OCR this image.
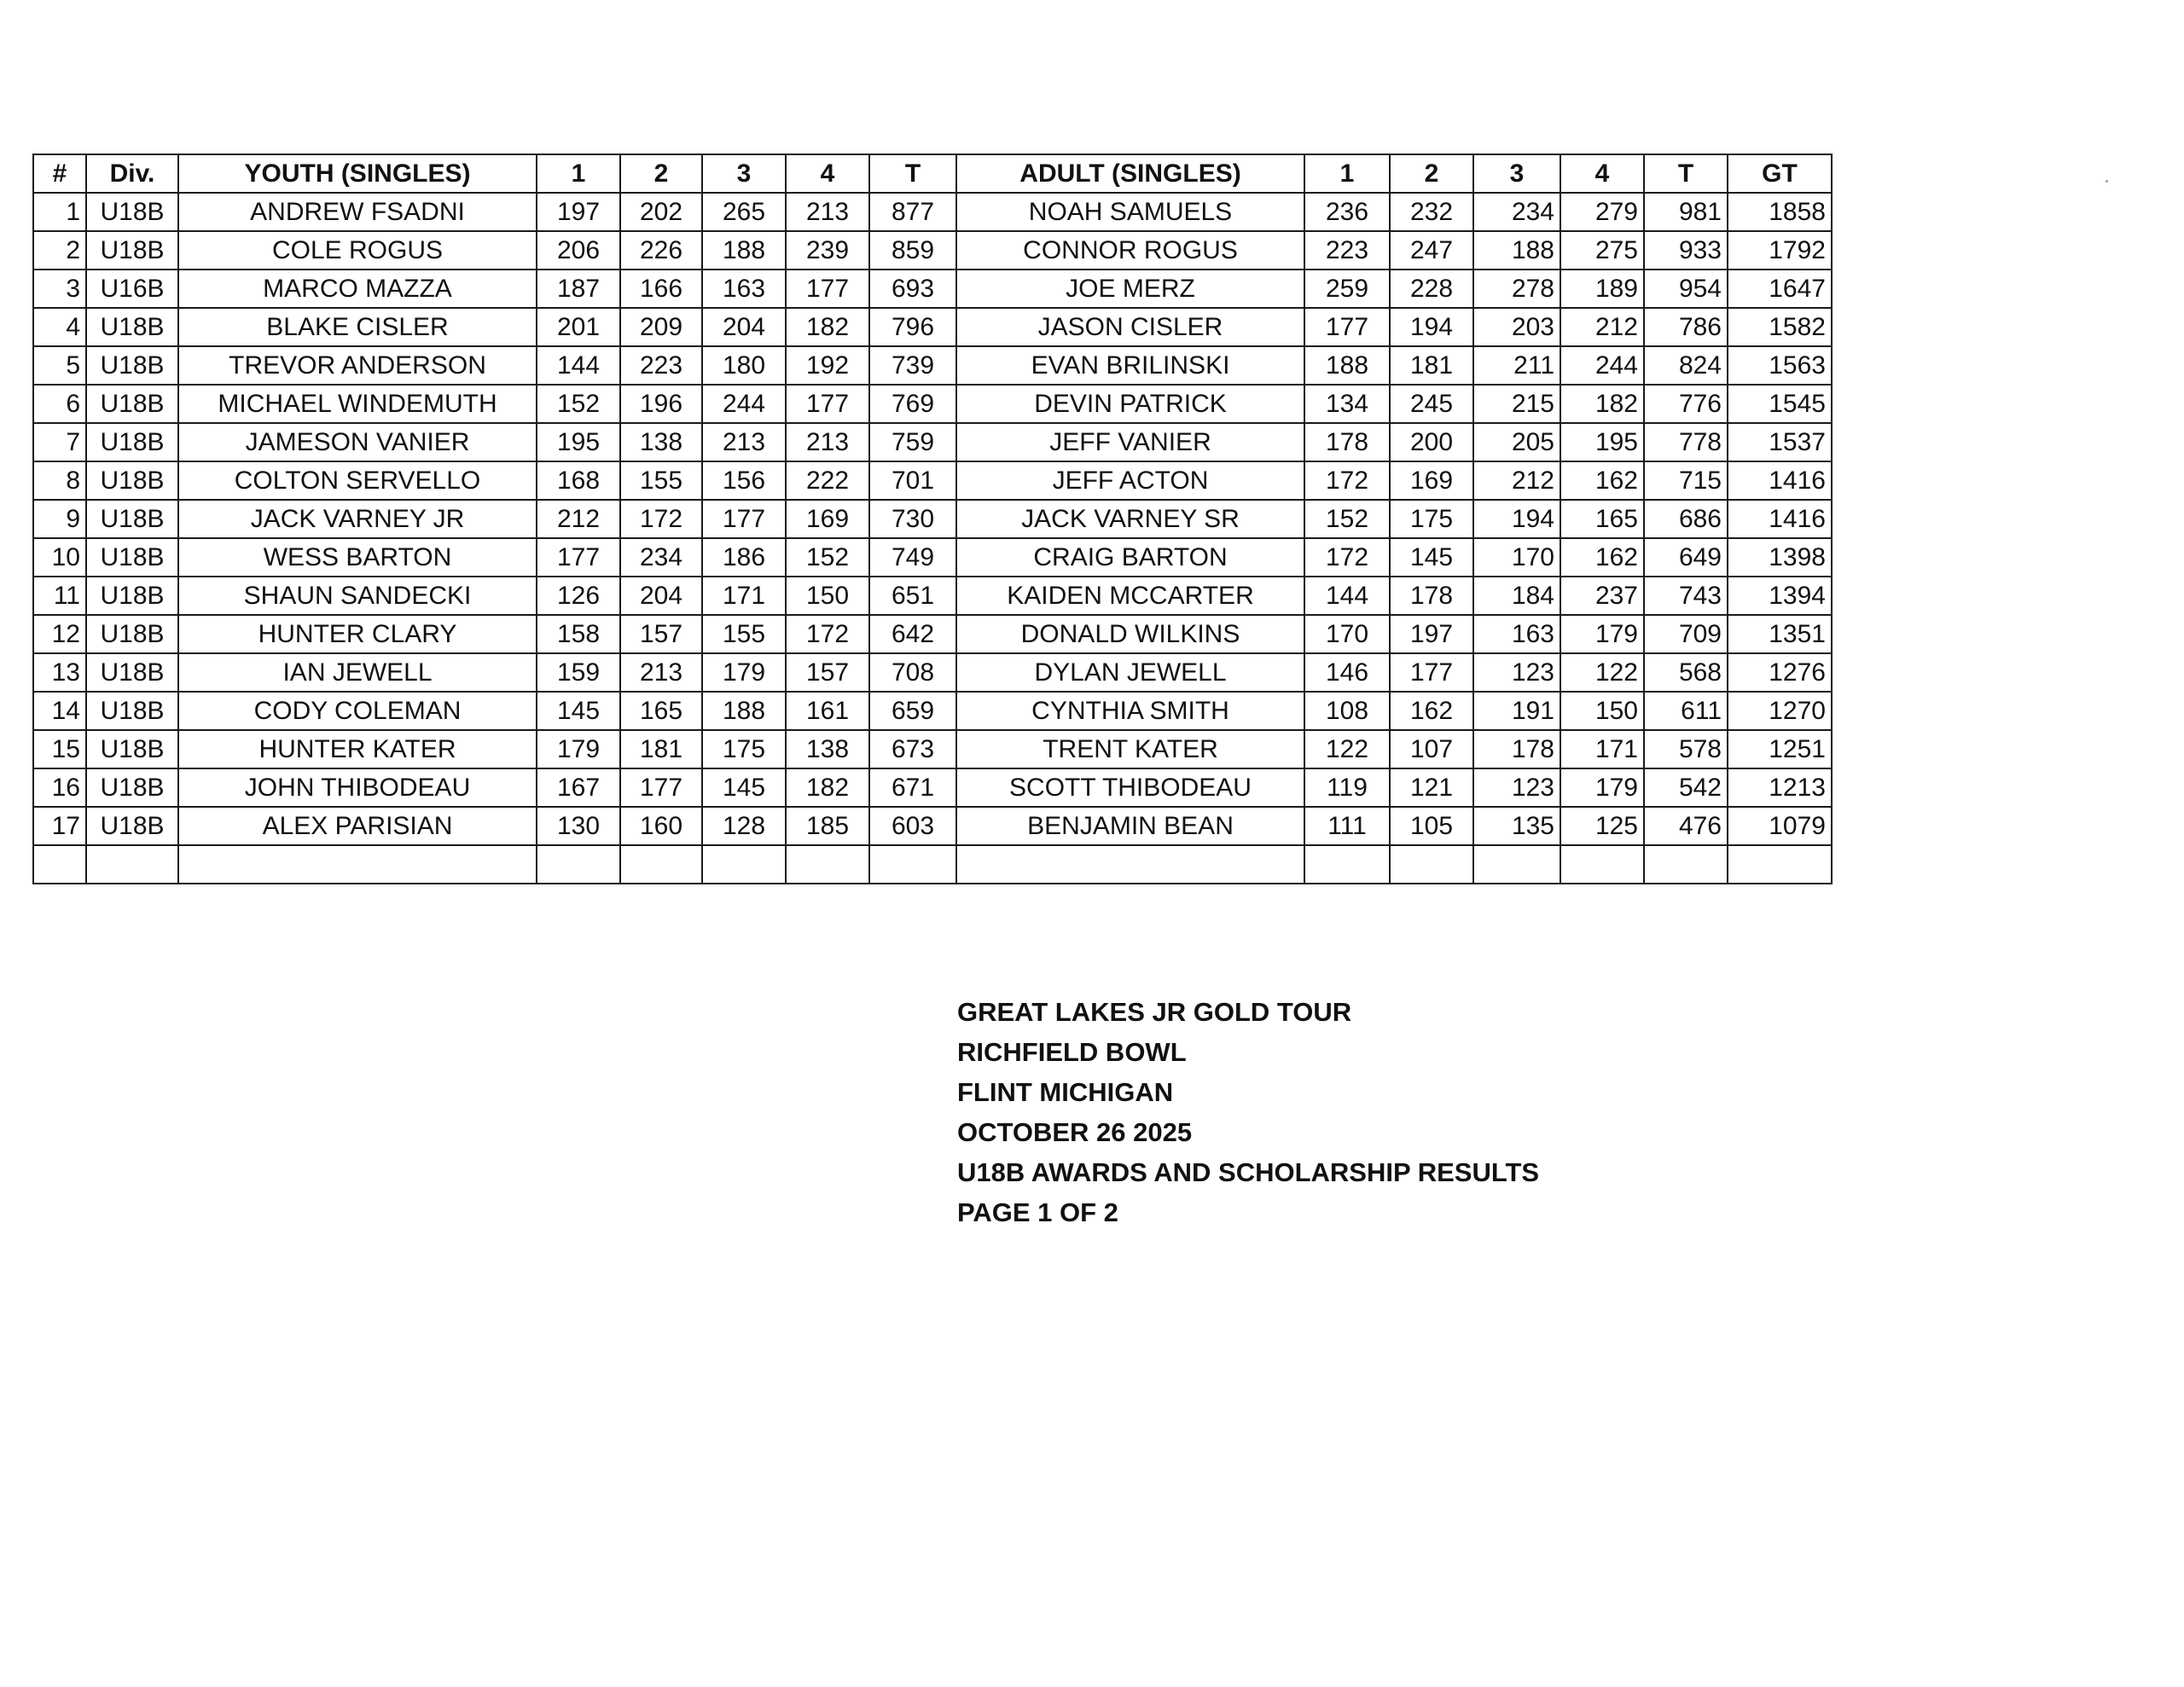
#	Div.	YOUTH (SINGLES)	1	2	3	4	T	ADULT (SINGLES)	1	2	3	4	T	GT
1	U18B	ANDREW FSADNI	197	202	265	213	877	NOAH SAMUELS	236	232	234	279	981	1858
2	U18B	COLE ROGUS	206	226	188	239	859	CONNOR ROGUS	223	247	188	275	933	1792
3	U16B	MARCO MAZZA	187	166	163	177	693	JOE MERZ	259	228	278	189	954	1647
4	U18B	BLAKE CISLER	201	209	204	182	796	JASON CISLER	177	194	203	212	786	1582
5	U18B	TREVOR ANDERSON	144	223	180	192	739	EVAN BRILINSKI	188	181	211	244	824	1563
6	U18B	MICHAEL WINDEMUTH	152	196	244	177	769	DEVIN PATRICK	134	245	215	182	776	1545
7	U18B	JAMESON VANIER	195	138	213	213	759	JEFF VANIER	178	200	205	195	778	1537
8	U18B	COLTON SERVELLO	168	155	156	222	701	JEFF ACTON	172	169	212	162	715	1416
9	U18B	JACK VARNEY JR	212	172	177	169	730	JACK VARNEY SR	152	175	194	165	686	1416
10	U18B	WESS BARTON	177	234	186	152	749	CRAIG BARTON	172	145	170	162	649	1398
11	U18B	SHAUN SANDECKI	126	204	171	150	651	KAIDEN MCCARTER	144	178	184	237	743	1394
12	U18B	HUNTER CLARY	158	157	155	172	642	DONALD WILKINS	170	197	163	179	709	1351
13	U18B	IAN JEWELL	159	213	179	157	708	DYLAN JEWELL	146	177	123	122	568	1276
14	U18B	CODY COLEMAN	145	165	188	161	659	CYNTHIA SMITH	108	162	191	150	611	1270
15	U18B	HUNTER KATER	179	181	175	138	673	TRENT KATER	122	107	178	171	578	1251
16	U18B	JOHN THIBODEAU	167	177	145	182	671	SCOTT THIBODEAU	119	121	123	179	542	1213
17	U18B	ALEX PARISIAN	130	160	128	185	603	BENJAMIN BEAN	111	105	135	125	476	1079

GREAT LAKES JR GOLD TOUR
RICHFIELD BOWL
FLINT MICHIGAN
OCTOBER 26 2025
U18B AWARDS AND SCHOLARSHIP RESULTS
PAGE 1 OF 2
